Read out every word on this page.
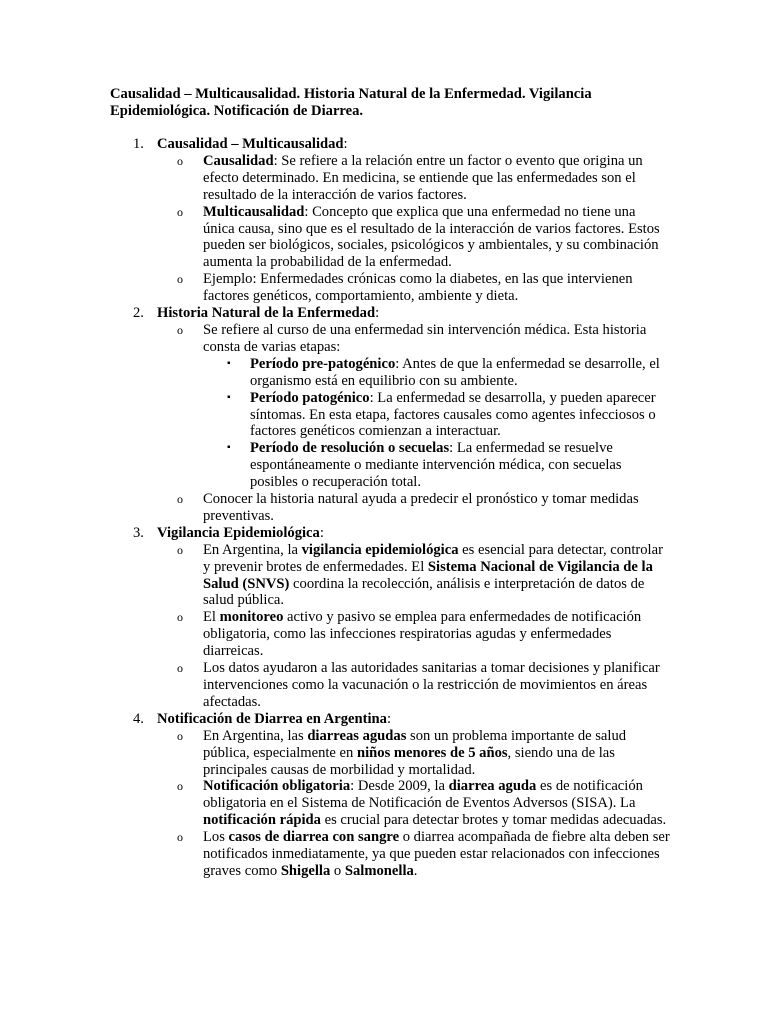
Causalidad – Multicausalidad. Historia Natural de la Enfermedad. Vigilancia Epidemiológica. Notificación de Diarrea.

1. Causalidad – Multicausalidad:
o Causalidad: Se refiere a la relación entre un factor o evento que origina un efecto determinado. En medicina, se entiende que las enfermedades son el resultado de la interacción de varios factores.
o Multicausalidad: Concepto que explica que una enfermedad no tiene una única causa, sino que es el resultado de la interacción de varios factores. Estos pueden ser biológicos, sociales, psicológicos y ambientales, y su combinación aumenta la probabilidad de la enfermedad.
o Ejemplo: Enfermedades crónicas como la diabetes, en las que intervienen factores genéticos, comportamiento, ambiente y dieta.
2. Historia Natural de la Enfermedad:
o Se refiere al curso de una enfermedad sin intervención médica. Esta historia consta de varias etapas:
▪ Período pre-patogénico: Antes de que la enfermedad se desarrolle, el organismo está en equilibrio con su ambiente.
▪ Período patogénico: La enfermedad se desarrolla, y pueden aparecer síntomas. En esta etapa, factores causales como agentes infecciosos o factores genéticos comienzan a interactuar.
▪ Período de resolución o secuelas: La enfermedad se resuelve espontáneamente o mediante intervención médica, con secuelas posibles o recuperación total.
o Conocer la historia natural ayuda a predecir el pronóstico y tomar medidas preventivas.
3. Vigilancia Epidemiológica:
o En Argentina, la vigilancia epidemiológica es esencial para detectar, controlar y prevenir brotes de enfermedades. El Sistema Nacional de Vigilancia de la Salud (SNVS) coordina la recolección, análisis e interpretación de datos de salud pública.
o El monitoreo activo y pasivo se emplea para enfermedades de notificación obligatoria, como las infecciones respiratorias agudas y enfermedades diarreicas.
o Los datos ayudaron a las autoridades sanitarias a tomar decisiones y planificar intervenciones como la vacunación o la restricción de movimientos en áreas afectadas.
4. Notificación de Diarrea en Argentina:
o En Argentina, las diarreas agudas son un problema importante de salud pública, especialmente en niños menores de 5 años, siendo una de las principales causas de morbilidad y mortalidad.
o Notificación obligatoria: Desde 2009, la diarrea aguda es de notificación obligatoria en el Sistema de Notificación de Eventos Adversos (SISA). La notificación rápida es crucial para detectar brotes y tomar medidas adecuadas.
o Los casos de diarrea con sangre o diarrea acompañada de fiebre alta deben ser notificados inmediatamente, ya que pueden estar relacionados con infecciones graves como Shigella o Salmonella.
